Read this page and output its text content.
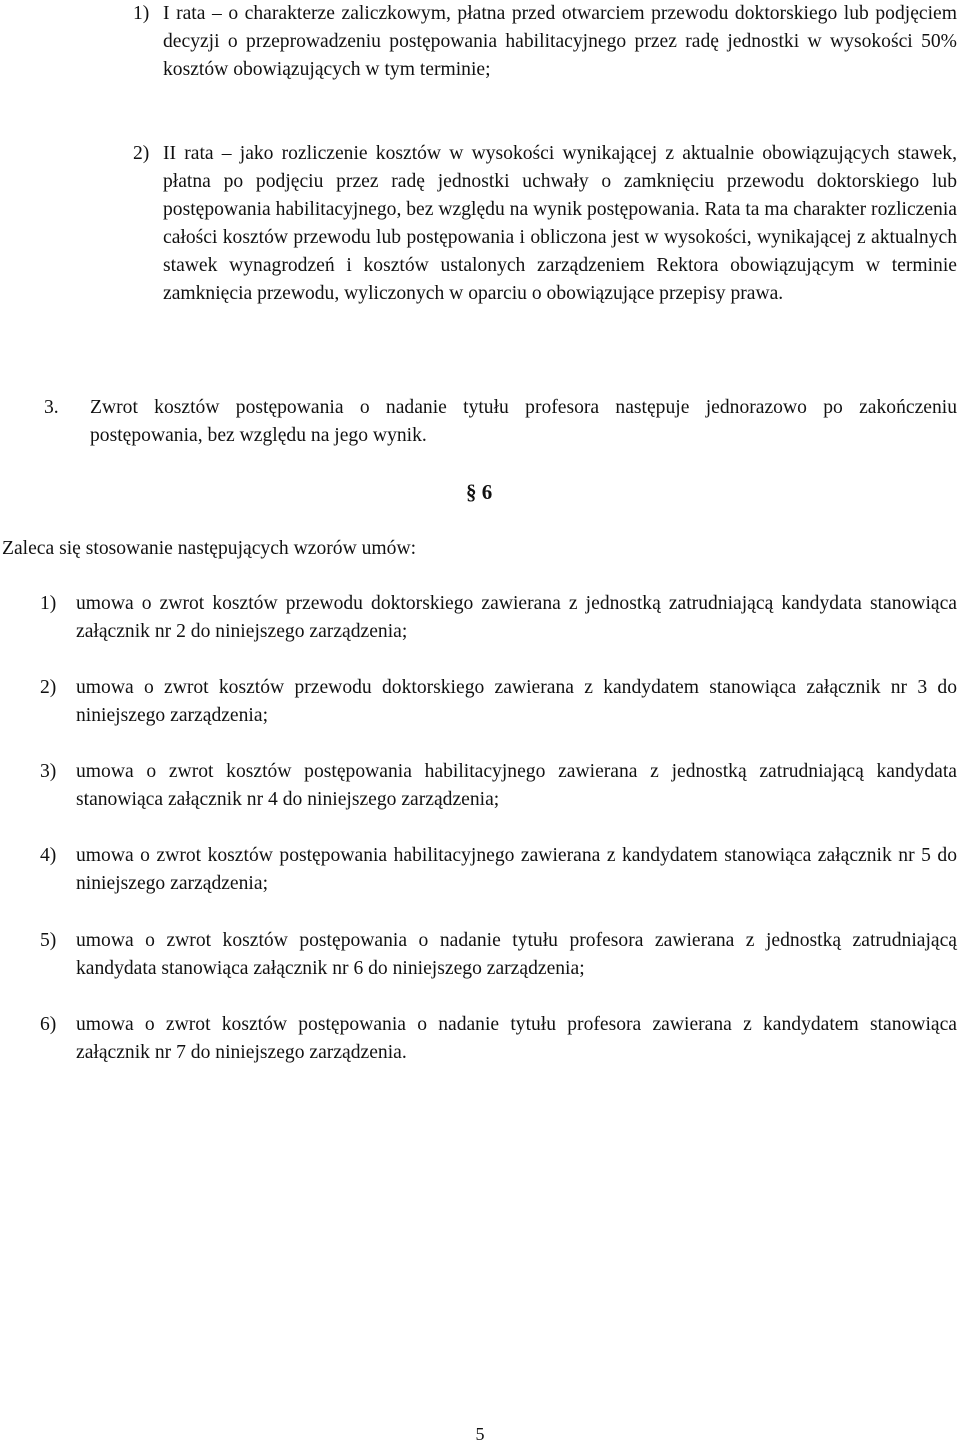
1) I rata – o charakterze zaliczkowym, płatna przed otwarciem przewodu doktorskiego lub podjęciem decyzji o przeprowadzeniu postępowania habilitacyjnego przez radę jednostki w wysokości 50% kosztów obowiązujących w tym terminie;
2) II rata – jako rozliczenie kosztów w wysokości wynikającej z aktualnie obowiązujących stawek, płatna po podjęciu przez radę jednostki uchwały o zamknięciu przewodu doktorskiego lub postępowania habilitacyjnego, bez względu na wynik postępowania. Rata ta ma charakter rozliczenia całości kosztów przewodu lub postępowania i obliczona jest w wysokości, wynikającej z aktualnych stawek wynagrodzeń i kosztów ustalonych zarządzeniem Rektora obowiązującym w terminie zamknięcia przewodu, wyliczonych w oparciu o obowiązujące przepisy prawa.
3.	Zwrot kosztów postępowania o nadanie tytułu profesora następuje jednorazowo po zakończeniu postępowania, bez względu na jego wynik.
§ 6
Zaleca się stosowanie następujących wzorów umów:
1)	umowa o zwrot kosztów przewodu doktorskiego zawierana z jednostką zatrudniającą kandydata stanowiąca załącznik nr 2 do niniejszego zarządzenia;
2)	umowa o zwrot kosztów przewodu doktorskiego zawierana z kandydatem stanowiąca załącznik nr 3 do niniejszego zarządzenia;
3)	umowa o zwrot kosztów postępowania habilitacyjnego zawierana z jednostką zatrudniającą kandydata stanowiąca załącznik nr 4 do niniejszego zarządzenia;
4)	umowa o zwrot kosztów postępowania habilitacyjnego zawierana z kandydatem stanowiąca załącznik nr 5 do niniejszego zarządzenia;
5)	umowa o zwrot kosztów postępowania o nadanie tytułu profesora zawierana z jednostką zatrudniającą kandydata stanowiąca załącznik nr 6 do niniejszego zarządzenia;
6)	umowa o zwrot kosztów postępowania o nadanie tytułu profesora zawierana z kandydatem stanowiąca załącznik nr 7 do niniejszego zarządzenia.
5
